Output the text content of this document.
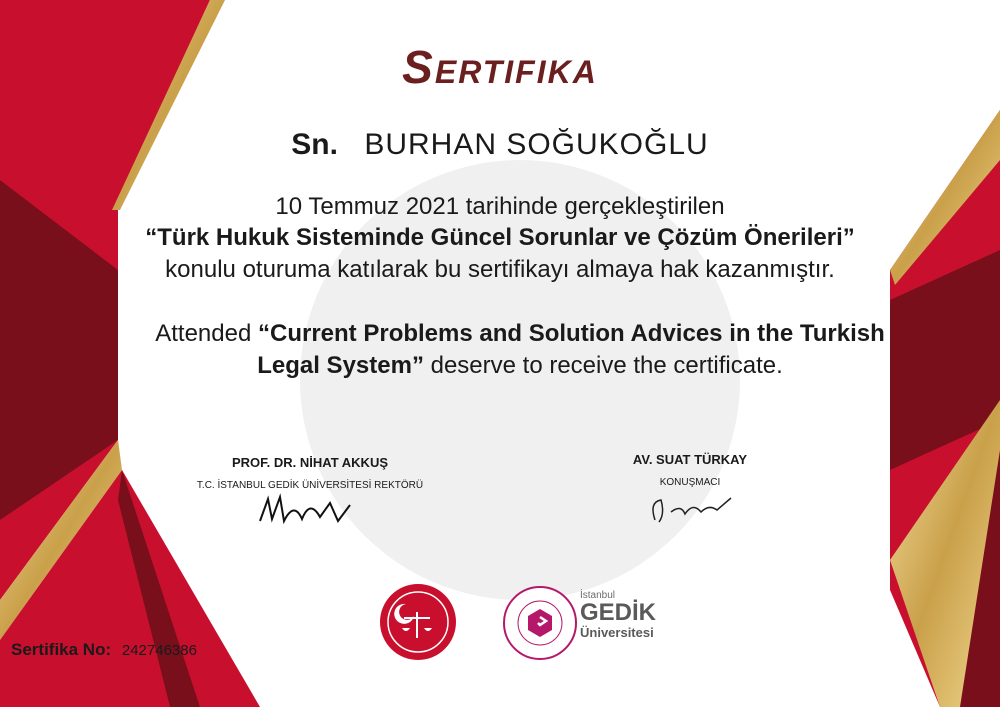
Sertifika
Sn. BURHAN SOĞUKOĞLU

10 Temmuz 2021 tarihinde gerçekleştirilen

“Türk Hukuk Sisteminde Güncel Sorunlar ve Çözüm Önerileri”

konulu oturuma katılarak bu sertifikayı almaya hak kazanmıştır.

Attended “Current Problems and Solution Advices in the Turkish Legal System” deserve to receive the certificate.
PROF. DR. NİHAT AKKUŞ
T.C. İSTANBUL GEDİK ÜNİVERSİTESİ REKTÖRÜ
AV. SUAT TÜRKAY
KONUŞMACI
Sertifika No: 242746386
İstanbul
GEDİK
Üniversitesi
